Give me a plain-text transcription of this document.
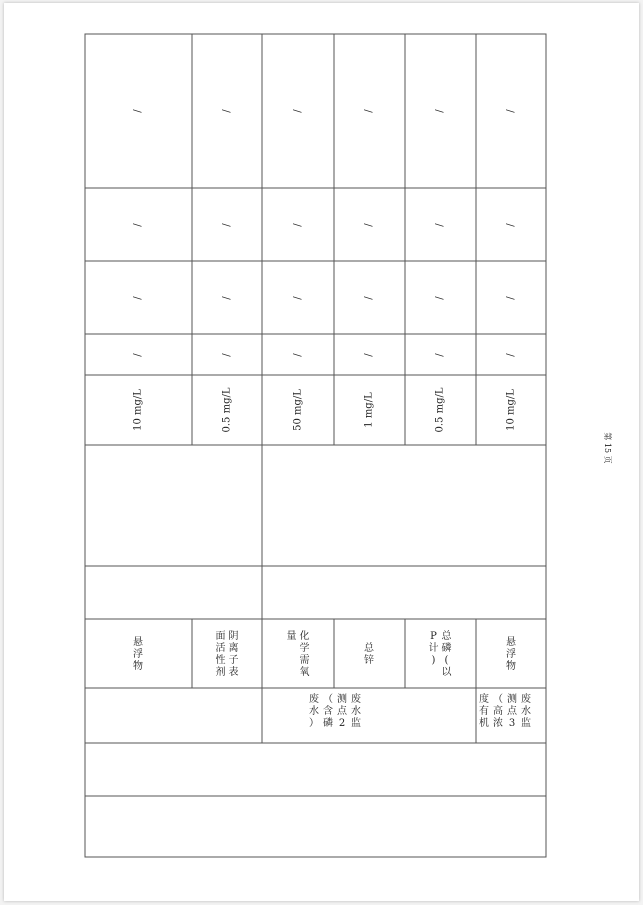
/
/
/
/
10 mg/L
悬浮物
/
/
/
/
0.5 mg/L
阴离子表面活性剂
/
/
/
/
50 mg/L
化学需氧量
/
/
/
/
1 mg/L
总锌
/
/
/
/
0.5 mg/L
总磷(以P 计)
/
/
/
/
10 mg/L
悬浮物
废水监测点 2（含磷废水）
废水监测点 3（高浓度有机
第 15 页
